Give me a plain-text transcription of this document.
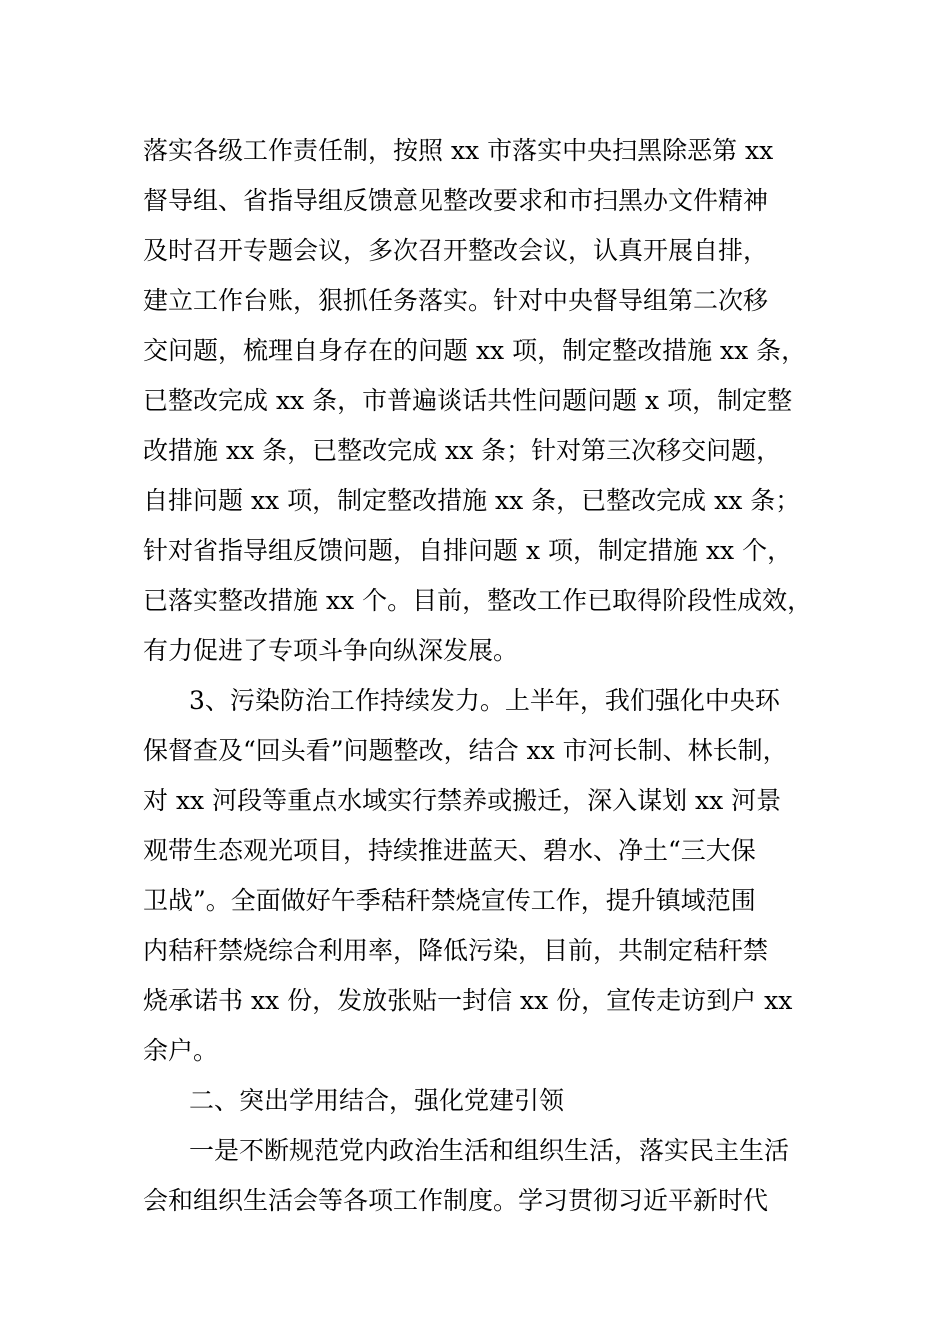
落实各级工作责任制，按照 xx 市落实中央扫黑除恶第 xx
督导组、省指导组反馈意见整改要求和市扫黑办文件精神
及时召开专题会议，多次召开整改会议，认真开展自排，
建立工作台账，狠抓任务落实。针对中央督导组第二次移
交问题，梳理自身存在的问题 xx 项，制定整改措施 xx 条，
已整改完成 xx 条，市普遍谈话共性问题问题 x 项，制定整
改措施 xx 条，已整改完成 xx 条；针对第三次移交问题，
自排问题 xx 项，制定整改措施 xx 条，已整改完成 xx 条；
针对省指导组反馈问题，自排问题 x 项，制定措施 xx 个，
已落实整改措施 xx 个。目前，整改工作已取得阶段性成效，
有力促进了专项斗争向纵深发展。
3、污染防治工作持续发力。上半年，我们强化中央环
保督查及“回头看”问题整改，结合 xx 市河长制、林长制，
对 xx 河段等重点水域实行禁养或搬迁，深入谋划 xx 河景
观带生态观光项目，持续推进蓝天、碧水、净土“三大保
卫战”。全面做好午季秸秆禁烧宣传工作，提升镇域范围
内秸秆禁烧综合利用率，降低污染，目前，共制定秸秆禁
烧承诺书 xx 份，发放张贴一封信 xx 份，宣传走访到户 xx
余户。
二、突出学用结合，强化党建引领
一是不断规范党内政治生活和组织生活，落实民主生活
会和组织生活会等各项工作制度。学习贯彻习近平新时代
